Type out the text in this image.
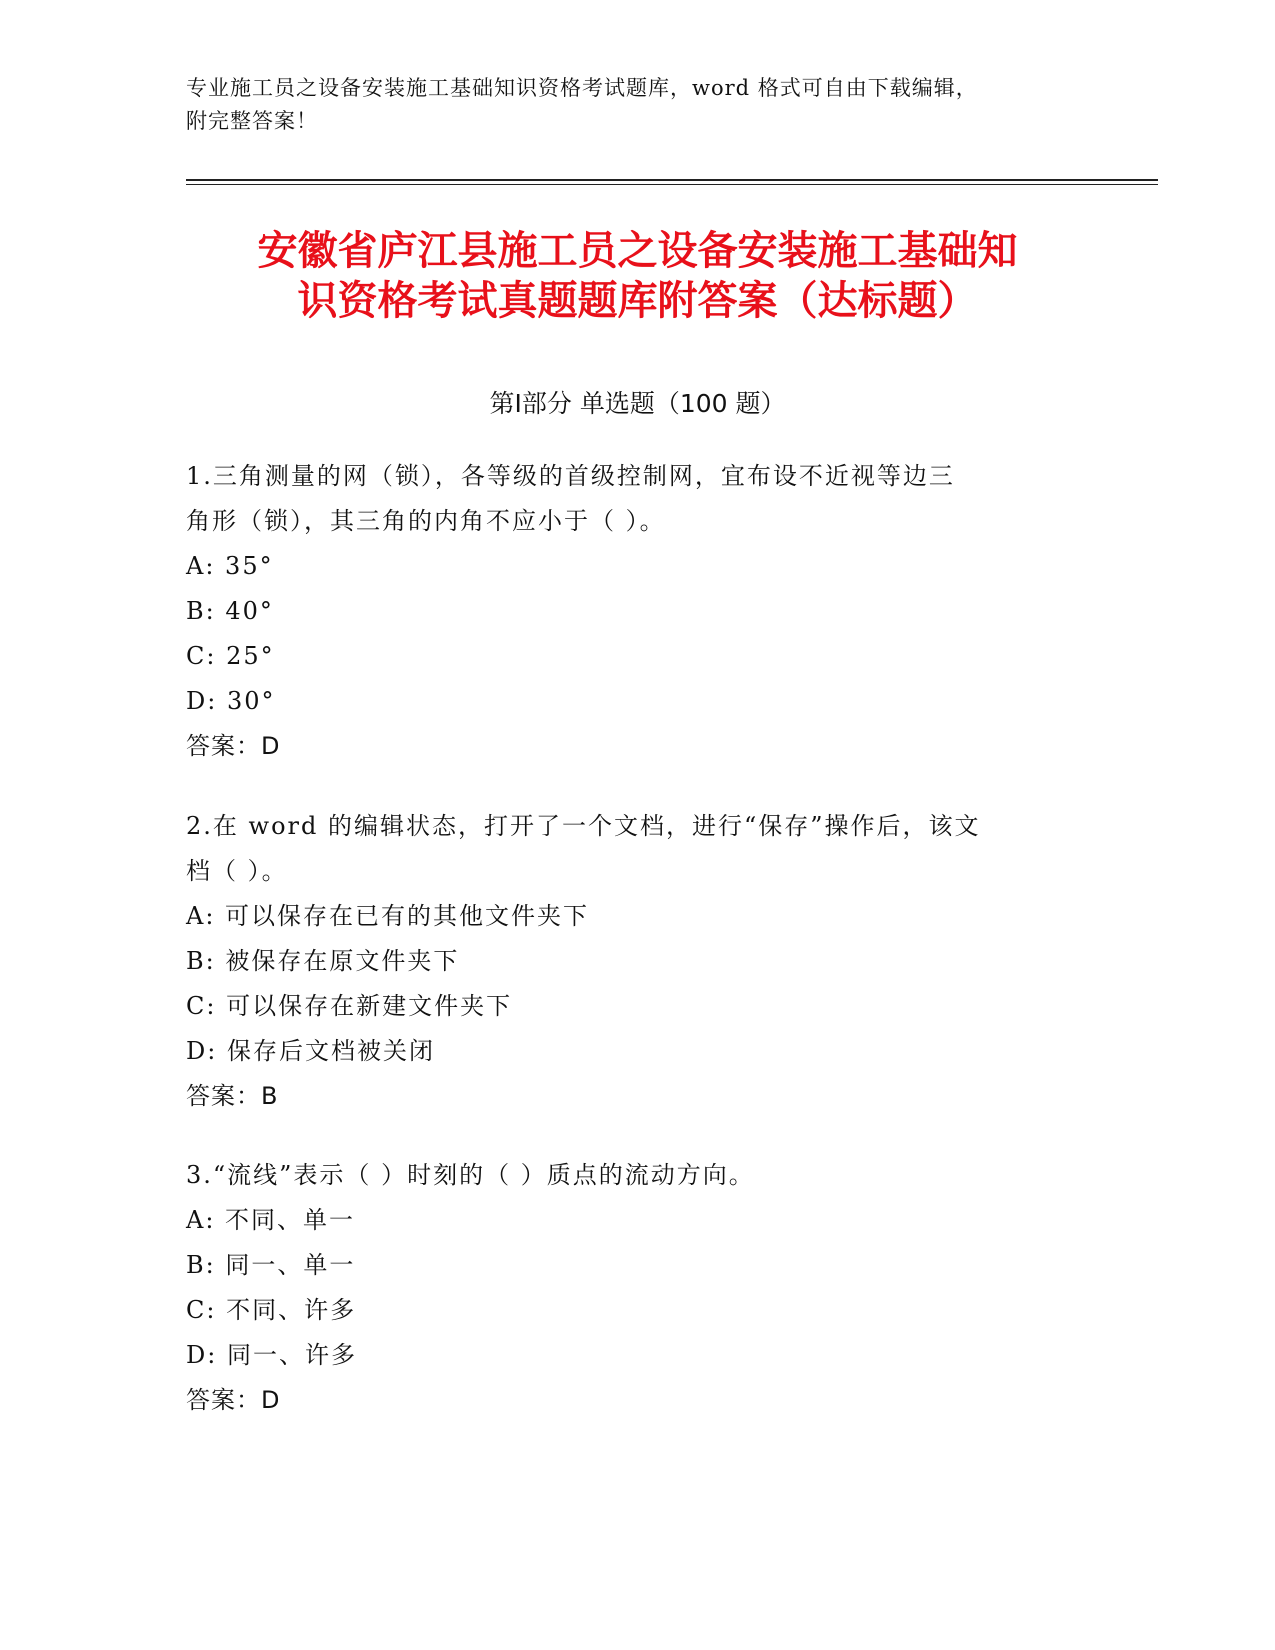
专业施工员之设备安装施工基础知识资格考试题库，word 格式可自由下载编辑，
附完整答案！
安徽省庐江县施工员之设备安装施工基础知
识资格考试真题题库附答案（达标题）
第Ⅰ部分 单选题（100 题）
1.三角测量的网（锁），各等级的首级控制网，宜布设不近视等边三
角形（锁），其三角的内角不应小于（ ）。
A: 35°
B: 40°
C: 25°
D: 30°
答案：D
2.在 word 的编辑状态，打开了一个文档，进行“保存”操作后，该文
档（ ）。
A: 可以保存在已有的其他文件夹下
B: 被保存在原文件夹下
C: 可以保存在新建文件夹下
D: 保存后文档被关闭
答案：B
3.“流线”表示（ ）时刻的（ ）质点的流动方向。
A: 不同、单一
B: 同一、单一
C: 不同、许多
D: 同一、许多
答案：D
